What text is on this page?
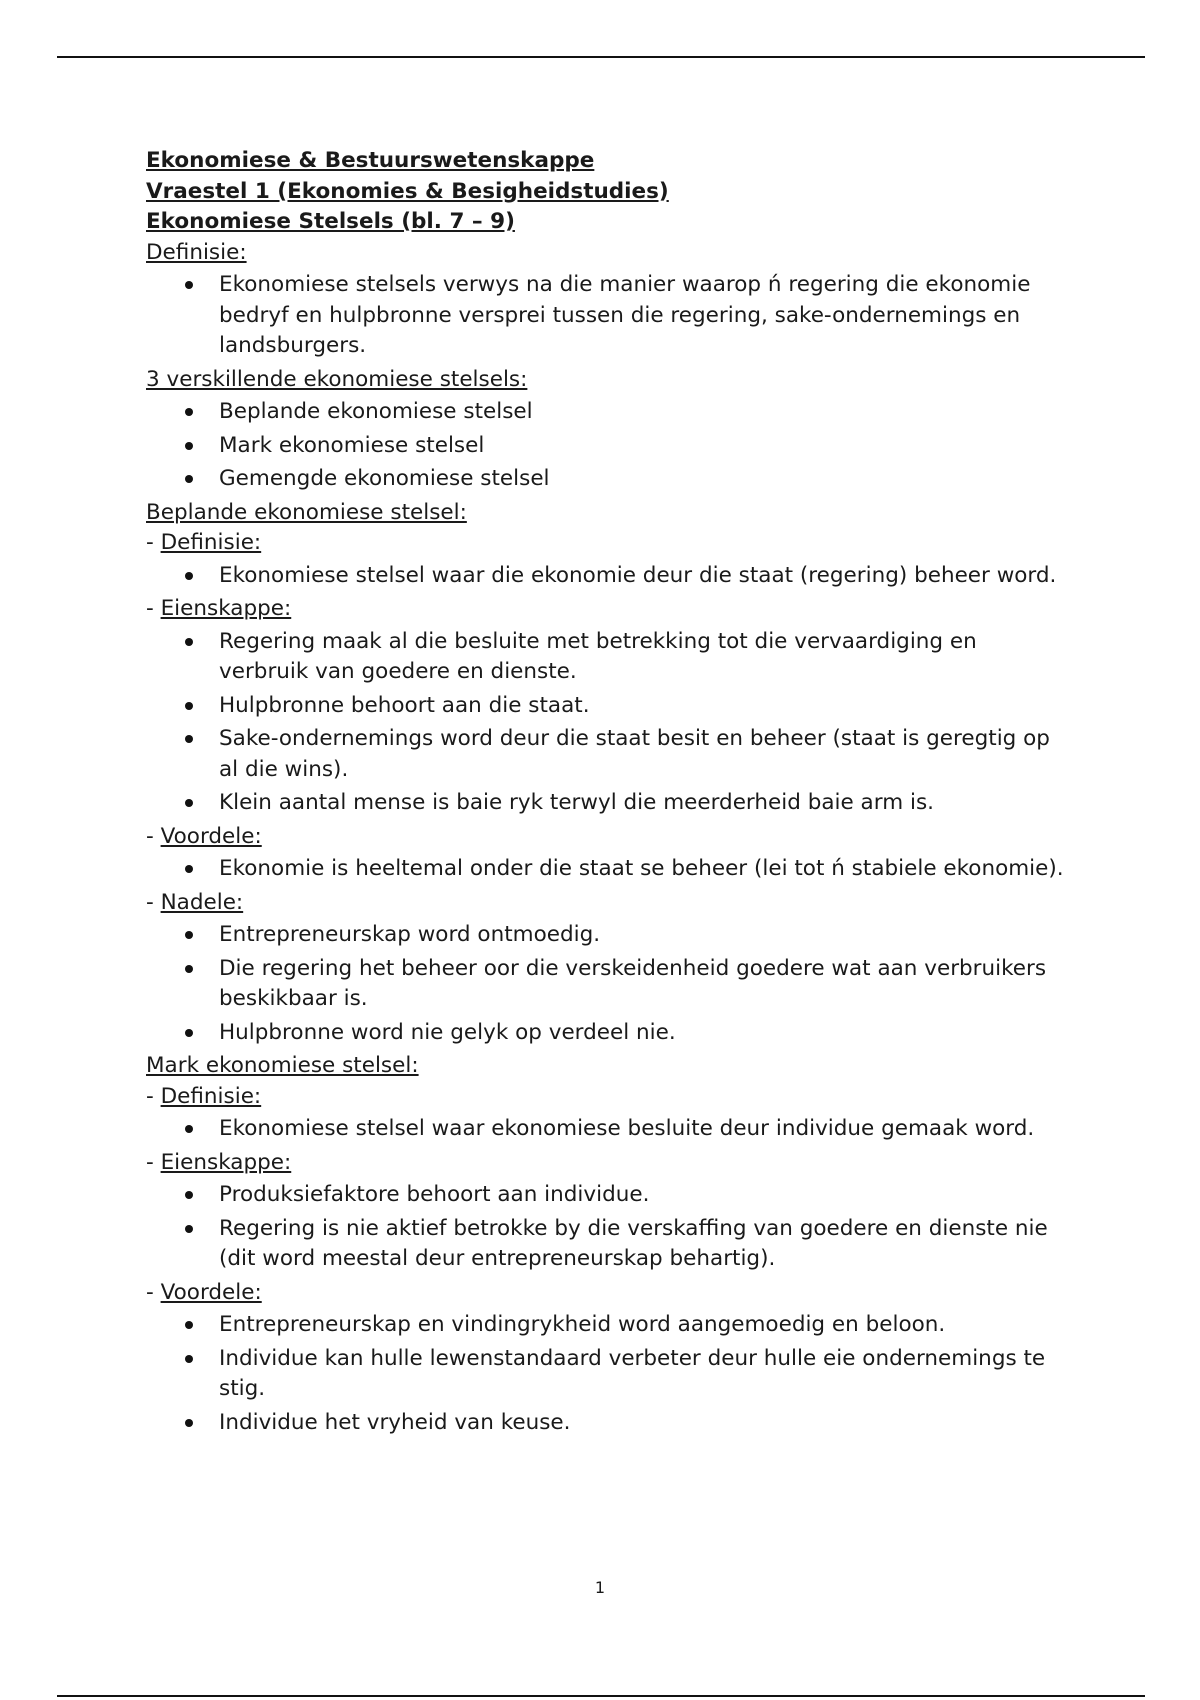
Ekonomiese & Bestuurswetenskappe
Vraestel 1 (Ekonomies & Besigheidstudies)
Ekonomiese Stelsels (bl. 7 – 9)
Definisie:
Ekonomiese stelsels verwys na die manier waarop ń regering die ekonomie bedryf en hulpbronne versprei tussen die regering, sake-ondernemings en landsburgers.
3 verskillende ekonomiese stelsels:
Beplande ekonomiese stelsel
Mark ekonomiese stelsel
Gemengde ekonomiese stelsel
Beplande ekonomiese stelsel:
- Definisie:
Ekonomiese stelsel waar die ekonomie deur die staat (regering) beheer word.
- Eienskappe:
Regering maak al die besluite met betrekking tot die vervaardiging en verbruik van goedere en dienste.
Hulpbronne behoort aan die staat.
Sake-ondernemings word deur die staat besit en beheer (staat is geregtig op al die wins).
Klein aantal mense is baie ryk terwyl die meerderheid baie arm is.
- Voordele:
Ekonomie is heeltemal onder die staat se beheer (lei tot ń stabiele ekonomie).
- Nadele:
Entrepreneurskap word ontmoedig.
Die regering het beheer oor die verskeidenheid goedere wat aan verbruikers beskikbaar is.
Hulpbronne word nie gelyk op verdeel nie.
Mark ekonomiese stelsel:
- Definisie:
Ekonomiese stelsel waar ekonomiese besluite deur individue gemaak word.
- Eienskappe:
Produksiefaktore behoort aan individue.
Regering is nie aktief betrokke by die verskaffing van goedere en dienste nie (dit word meestal deur entrepreneurskap behartig).
- Voordele:
Entrepreneurskap en vindingrykheid word aangemoedig en beloon.
Individue kan hulle lewenstandaard verbeter deur hulle eie ondernemings te stig.
Individue het vryheid van keuse.
1
